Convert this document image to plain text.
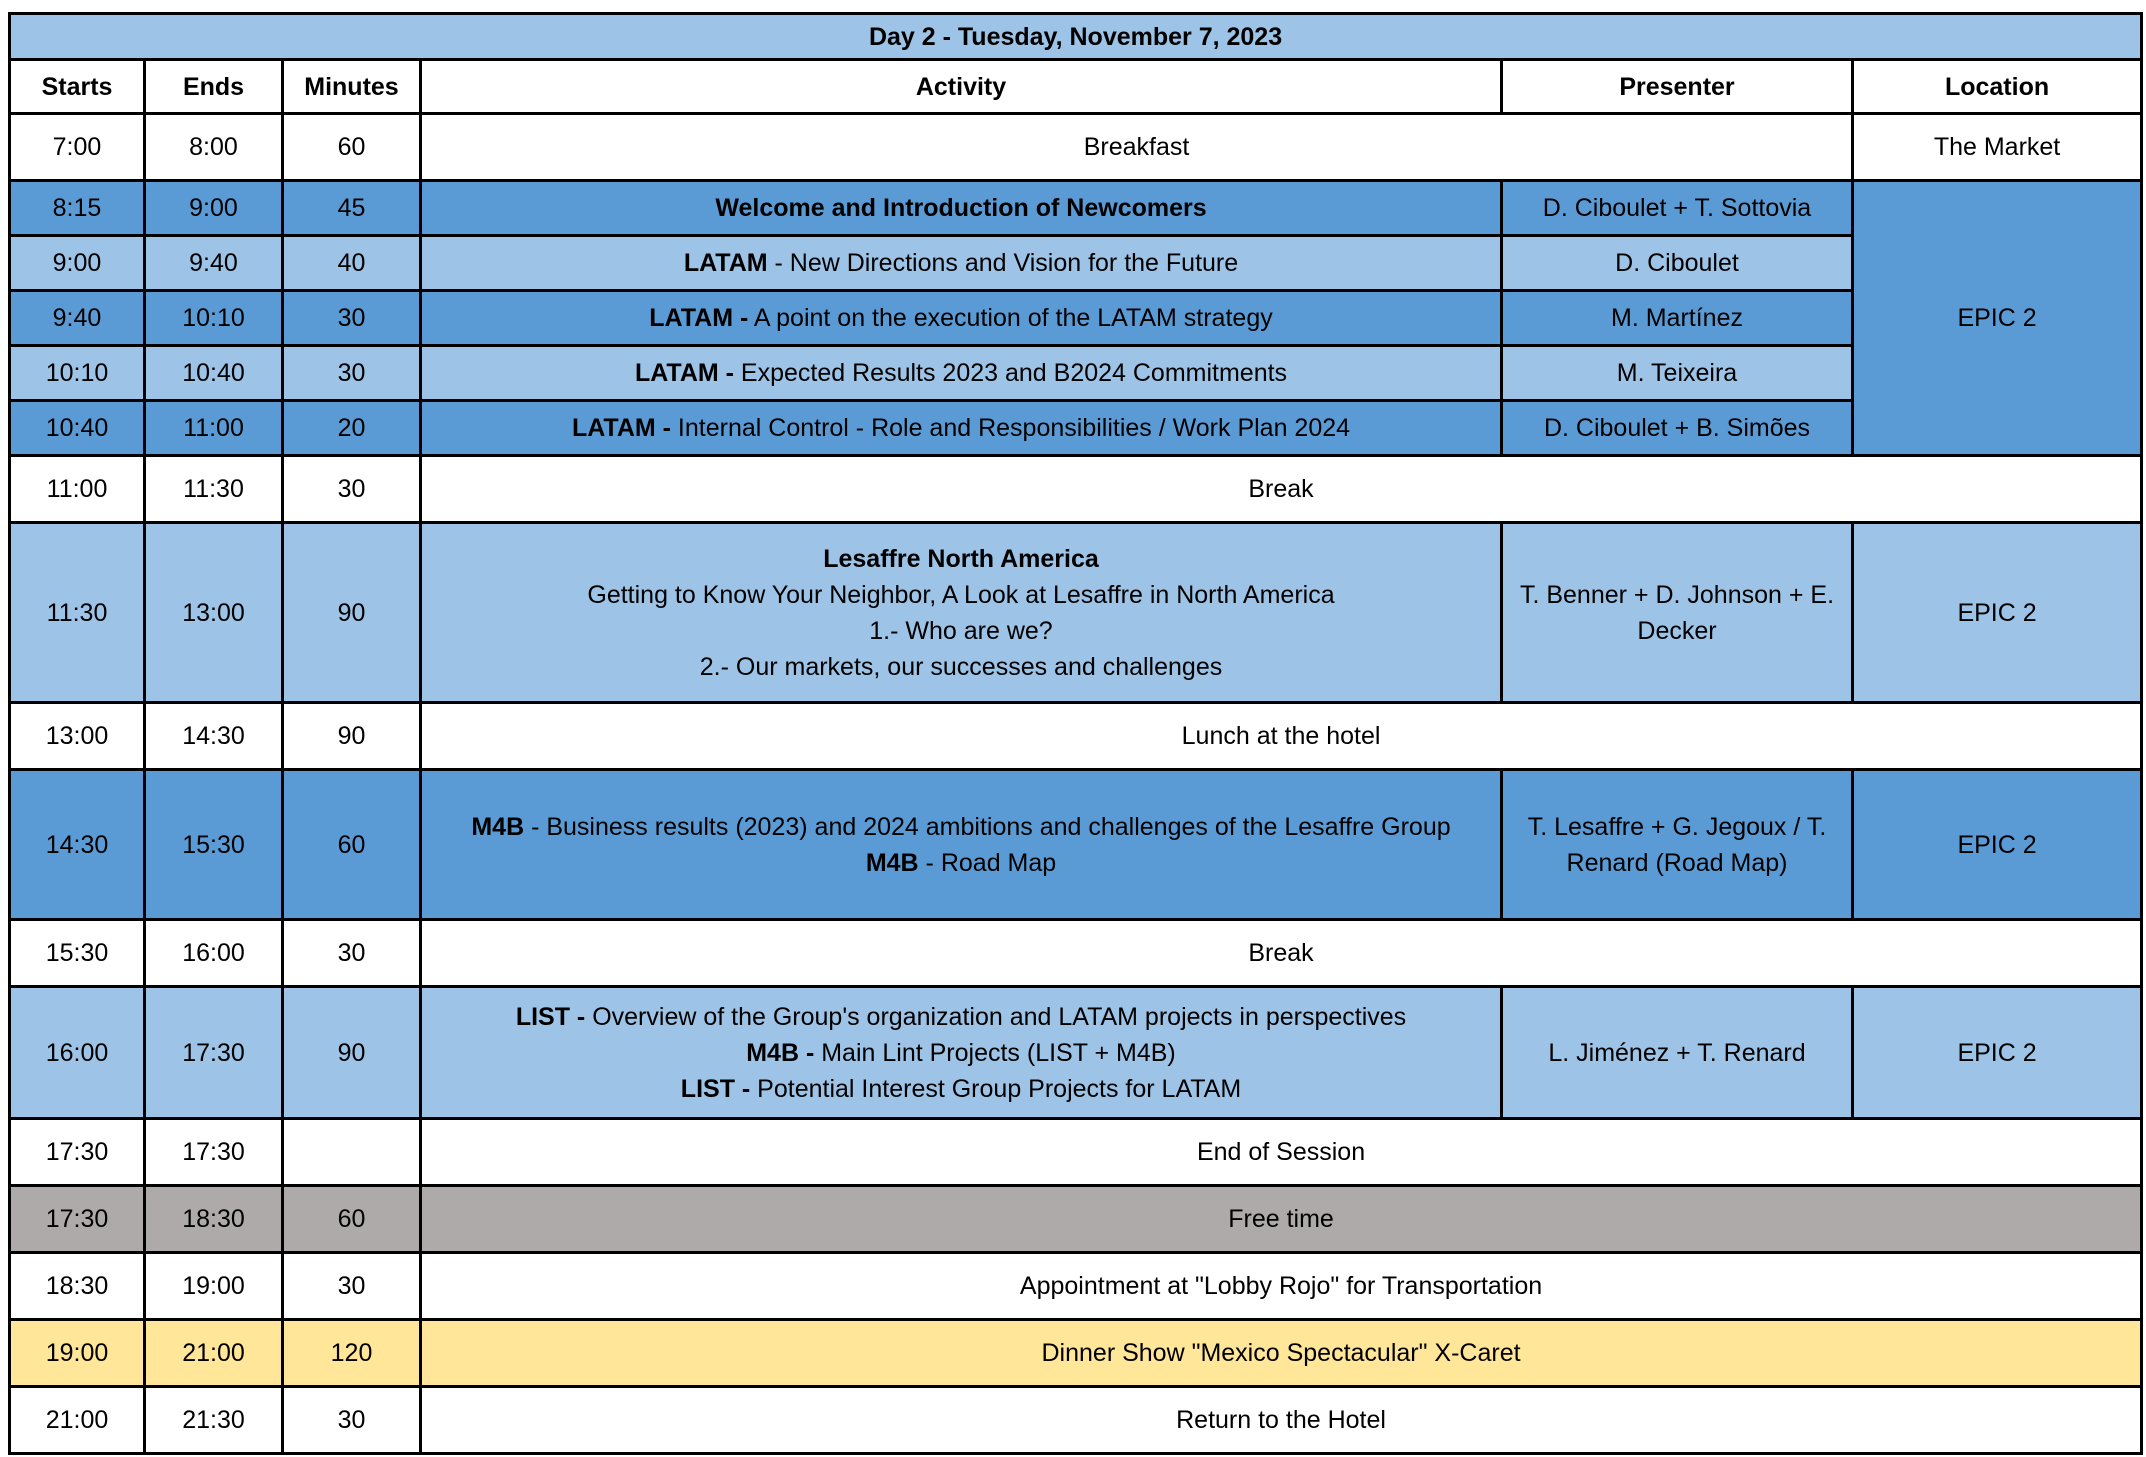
Day 2 - Tuesday, November 7, 2023					
Starts	Ends	Minutes	Activity	Presenter	Location
7:00	8:00	60	Breakfast		The Market
8:15	9:00	45	Welcome and Introduction of Newcomers	D. Ciboulet + T. Sottovia	EPIC 2
9:00	9:40	40	LATAM - New Directions and Vision for the Future	D. Ciboulet	
9:40	10:10	30	LATAM - A point on the execution of the LATAM strategy	M. Martínez	
10:10	10:40	30	LATAM - Expected Results 2023 and B2024 Commitments	M. Teixeira	
10:40	11:00	20	LATAM - Internal Control - Role and Responsibilities / Work Plan 2024	D. Ciboulet + B. Simões	
11:00	11:30	30	Break		
11:30	13:00	90	Lesaffre North America
Getting to Know Your Neighbor, A Look at Lesaffre in North America
1.- Who are we?
2.- Our markets, our successes and challenges	T. Benner + D. Johnson + E. Decker	EPIC 2
13:00	14:30	90	Lunch at the hotel		
14:30	15:30	60	M4B - Business results (2023) and 2024 ambitions and challenges of the Lesaffre Group
M4B - Road Map	T. Lesaffre + G. Jegoux / T. Renard (Road Map)	EPIC 2
15:30	16:00	30	Break		
16:00	17:30	90	LIST - Overview of the Group's organization and LATAM projects in perspectives
M4B - Main Lint Projects (LIST + M4B)
LIST - Potential Interest Group Projects for LATAM	L. Jiménez + T. Renard	EPIC 2
17:30	17:30		End of Session		
17:30	18:30	60	Free time		
18:30	19:00	30	Appointment at "Lobby Rojo" for Transportation		
19:00	21:00	120	Dinner Show "Mexico Spectacular" X-Caret		
21:00	21:30	30	Return to the Hotel		
